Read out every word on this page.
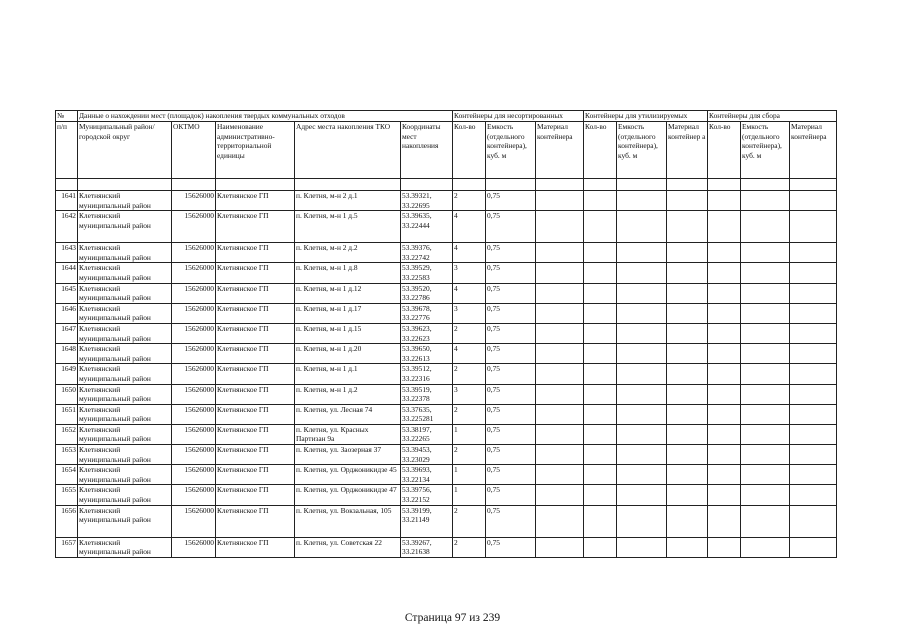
№	Данные о нахождении мест (площадок) накопления твердых коммунальных отходов					Контейнеры для несортированных			Контейнеры для утилизируемых			Контейнеры для сбора		
п/п	Муниципальный район/городской округ	ОКТМО	Наименование административно-территориальной единицы	Адрес места накопления ТКО	Координаты мест накопления	Кол-во	Емкость (отдельного контейнера), куб. м	Материал контейнера	Кол-во	Емкость (отдельного контейнера), куб. м	Материал контейнер а	Кол-во	Емкость (отдельного контейнера), куб. м	Материал контейнера

1641	Клетнянский муниципальный район	15626000	Клетнянское ГП	п. Клетня, м-н 2 д.1	53.39321, 33.22695	2	0,75							
1642	Клетнянский муниципальный район	15626000	Клетнянское ГП	п. Клетня, м-н 1 д.5	53.39635, 33.22444	4	0,75							
1643	Клетнянский муниципальный район	15626000	Клетнянское ГП	п. Клетня, м-н 2 д.2	53.39376, 33.22742	4	0,75							
1644	Клетнянский муниципальный район	15626000	Клетнянское ГП	п. Клетня, м-н 1 д.8	53.39529, 33.22583	3	0,75							
1645	Клетнянский муниципальный район	15626000	Клетнянское ГП	п. Клетня, м-н 1 д.12	53.39520, 33.22786	4	0,75							
1646	Клетнянский муниципальный район	15626000	Клетнянское ГП	п. Клетня, м-н 1 д.17	53.39678, 33.22776	3	0,75							
1647	Клетнянский муниципальный район	15626000	Клетнянское ГП	п. Клетня, м-н 1 д.15	53.39623, 33.22623	2	0,75							
1648	Клетнянский муниципальный район	15626000	Клетнянское ГП	п. Клетня, м-н 1 д.20	53.39650, 33.22613	4	0,75							
1649	Клетнянский муниципальный район	15626000	Клетнянское ГП	п. Клетня, м-н 1 д.1	53.39512, 33.22316	2	0,75							
1650	Клетнянский муниципальный район	15626000	Клетнянское ГП	п. Клетня, м-н 1 д.2	53.39519, 33.22378	3	0,75							
1651	Клетнянский муниципальный район	15626000	Клетнянское ГП	п. Клетня, ул. Лесная 74	53.37635, 33.225281	2	0,75							
1652	Клетнянский муниципальный район	15626000	Клетнянское ГП	п. Клетня, ул. Красных Партизан 9а	53.38197, 33.22265	1	0,75							
1653	Клетнянский муниципальный район	15626000	Клетнянское ГП	п. Клетня, ул. Заозерная 37	53.39453, 33.23029	2	0,75							
1654	Клетнянский муниципальный район	15626000	Клетнянское ГП	п. Клетня, ул. Орджоникидзе 45	53.39693, 33.22134	1	0,75							
1655	Клетнянский муниципальный район	15626000	Клетнянское ГП	п. Клетня, ул. Орджоникидзе 47	53.39756, 33.22152	1	0,75							
1656	Клетнянский муниципальный район	15626000	Клетнянское ГП	п. Клетня, ул. Вокзальная, 105	53.39199, 33.21149	2	0,75							
1657	Клетнянский муниципальный район	15626000	Клетнянское ГП	п. Клетня, ул. Советская 22	53.39267, 33.21638	2	0,75							
Страница 97 из 239
